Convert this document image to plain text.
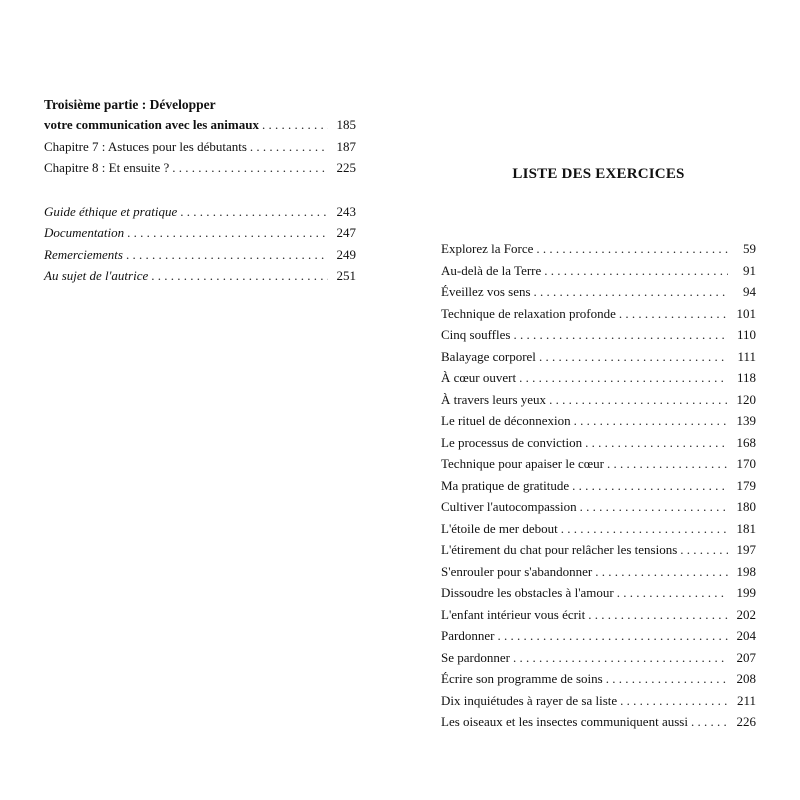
Troisième partie : Développer
votre communication avec les animaux . . .	185
Chapitre 7 : Astuces pour les débutants . . .	187
Chapitre 8 : Et ensuite ? . . .	225
Guide éthique et pratique . . .	243
Documentation . . .	247
Remerciements . . .	249
Au sujet de l'autrice . . .	251
LISTE DES EXERCICES
Explorez la Force . . .	59
Au-delà de la Terre . . .	91
Éveillez vos sens . . .	94
Technique de relaxation profonde . . .	101
Cinq souffles . . .	110
Balayage corporel . . .	111
À cœur ouvert . . .	118
À travers leurs yeux . . .	120
Le rituel de déconnexion . . .	139
Le processus de conviction . . .	168
Technique pour apaiser le cœur . . .	170
Ma pratique de gratitude . . .	179
Cultiver l'autocompassion . . .	180
L'étoile de mer debout . . .	181
L'étirement du chat pour relâcher les tensions . . .	197
S'enrouler pour s'abandonner . . .	198
Dissoudre les obstacles à l'amour . . .	199
L'enfant intérieur vous écrit . . .	202
Pardonner . . .	204
Se pardonner . . .	207
Écrire son programme de soins . . .	208
Dix inquiétudes à rayer de sa liste . . .	211
Les oiseaux et les insectes communiquent aussi . . .	226
